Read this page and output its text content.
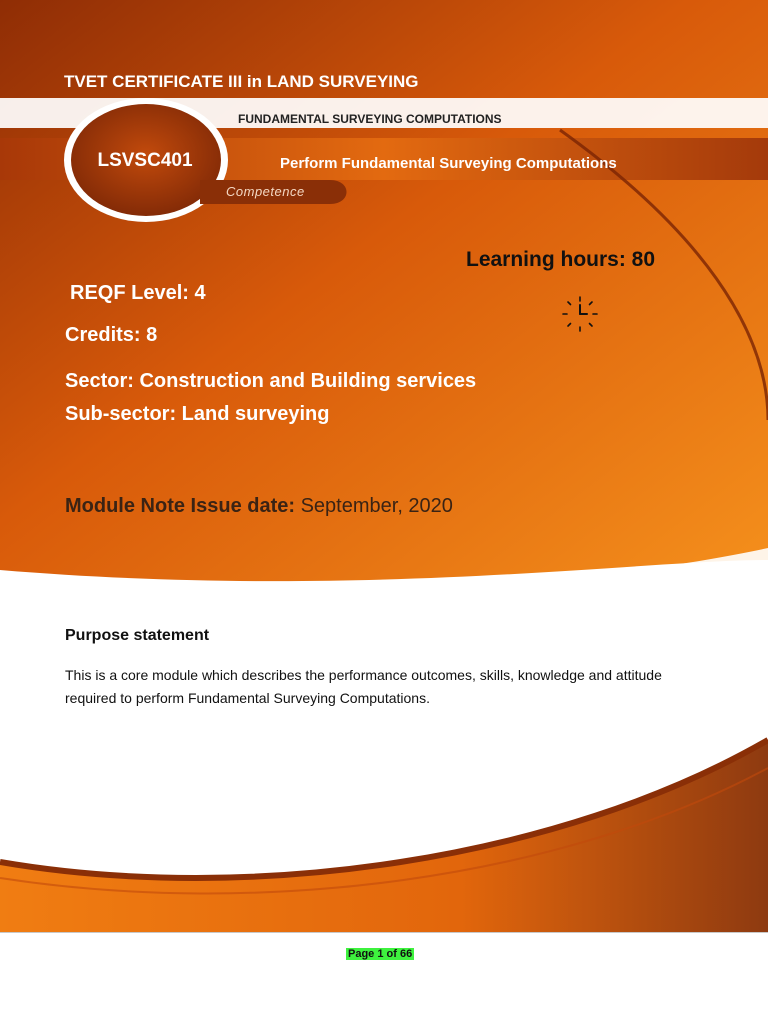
TVET CERTIFICATE III in LAND SURVEYING
FUNDAMENTAL SURVEYING COMPUTATIONS
LSVSC401	Perform Fundamental Surveying Computations
Competence
Learning hours: 80
REQF Level: 4
Credits: 8
Sector: Construction and Building services
Sub-sector: Land surveying
Module Note Issue date: September, 2020
Purpose statement
This is a core module which describes the performance outcomes, skills, knowledge and attitude required to perform Fundamental Surveying Computations.
Page 1 of 66
